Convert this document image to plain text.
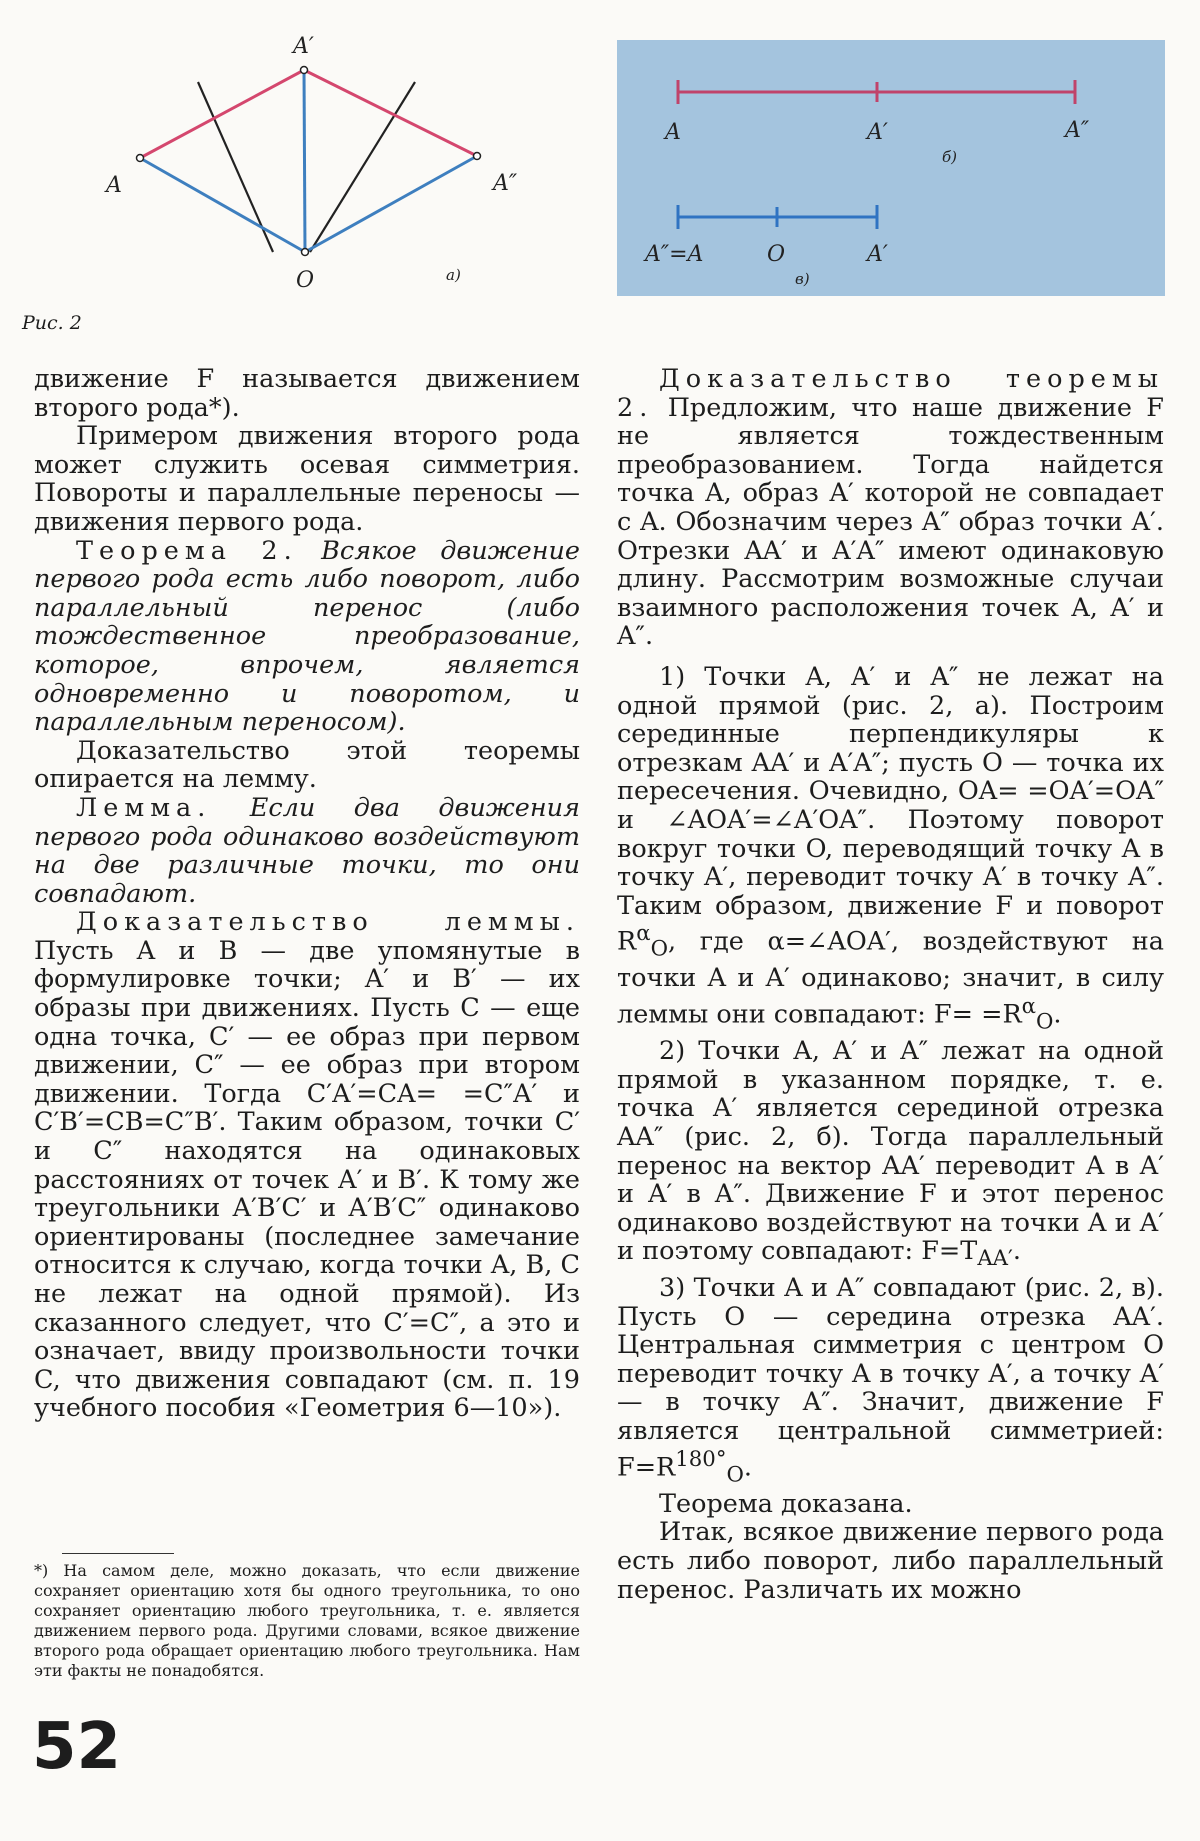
A
A′
A″
O	а)
A	A′	A″
б)
A″=A	O	A′
в)
Рис. 2

движение F называется движением второго рода*).

Примером движения второго рода может служить осевая симметрия. Повороты и параллельные переносы — движения первого рода.

Теорема 2. Всякое движение первого рода есть либо поворот, либо параллельный перенос (либо тождественное преобразование, которое, впрочем, является одновременно и поворотом, и параллельным переносом).

Доказательство этой теоремы опирается на лемму.

Лемма. Если два движения первого рода одинаково воздействуют на две различные точки, то они совпадают.

Доказательство леммы. Пусть A и B — две упомянутые в формулировке точки; A′ и B′ — их образы при движениях. Пусть C — еще одна точка, C′ — ее образ при первом движении, C″ — ее образ при втором движении. Тогда C′A′=CA= =C″A′ и C′B′=CB=C″B′. Таким образом, точки C′ и C″ находятся на одинаковых расстояниях от точек A′ и B′. К тому же треугольники A′B′C′ и A′B′C″ одинаково ориентированы (последнее замечание относится к случаю, когда точки A, B, C не лежат на одной прямой). Из сказанного следует, что C′=C″, а это и означает, ввиду произвольности точки C, что движения совпадают (см. п. 19 учебного пособия «Геометрия 6—10»).

*) На самом деле, можно доказать, что если движение сохраняет ориентацию хотя бы одного треугольника, то оно сохраняет ориентацию любого треугольника, т. е. является движением первого рода. Другими словами, всякое движение второго рода обращает ориентацию любого треугольника. Нам эти факты не понадобятся.

Доказательство теоремы 2. Предложим, что наше движение F не является тождественным преобразованием. Тогда найдется точка A, образ A′ которой не совпадает с A. Обозначим через A″ образ точки A′. Отрезки AA′ и A′A″ имеют одинаковую длину. Рассмотрим возможные случаи взаимного расположения точек A, A′ и A″.

1) Точки A, A′ и A″ не лежат на одной прямой (рис. 2, а). Построим серединные перпендикуляры к отрезкам AA′ и A′A″; пусть O — точка их пересечения. Очевидно, OA= =OA′=OA″ и ∠AOA′=∠A′OA″. Поэтому поворот вокруг точки O, переводящий точку A в точку A′, переводит точку A′ в точку A″. Таким образом, движение F и поворот $R^\alpha_O$, где α=∠AOA′, воздействуют на точки A и A′ одинаково; значит, в силу леммы они совпадают: $F= =R^\alpha_O$.

2) Точки A, A′ и A″ лежат на одной прямой в указанном порядке, т. е. точка A′ является серединой отрезка AA″ (рис. 2, б). Тогда параллельный перенос на вектор AA′ переводит A в A′ и A′ в A″. Движение F и этот перенос одинаково воздействуют на точки A и A′ и поэтому совпадают: $F=T_{AA'}$.

3) Точки A и A″ совпадают (рис. 2, в). Пусть O — середина отрезка AA′. Центральная симметрия с центром O переводит точку A в точку A′, а точку A′ — в точку A″. Значит, движение F является центральной симметрией: $F=R^{180^\circ}_O$.

Теорема доказана.

Итак, всякое движение первого рода есть либо поворот, либо параллельный перенос. Различать их можно

52
